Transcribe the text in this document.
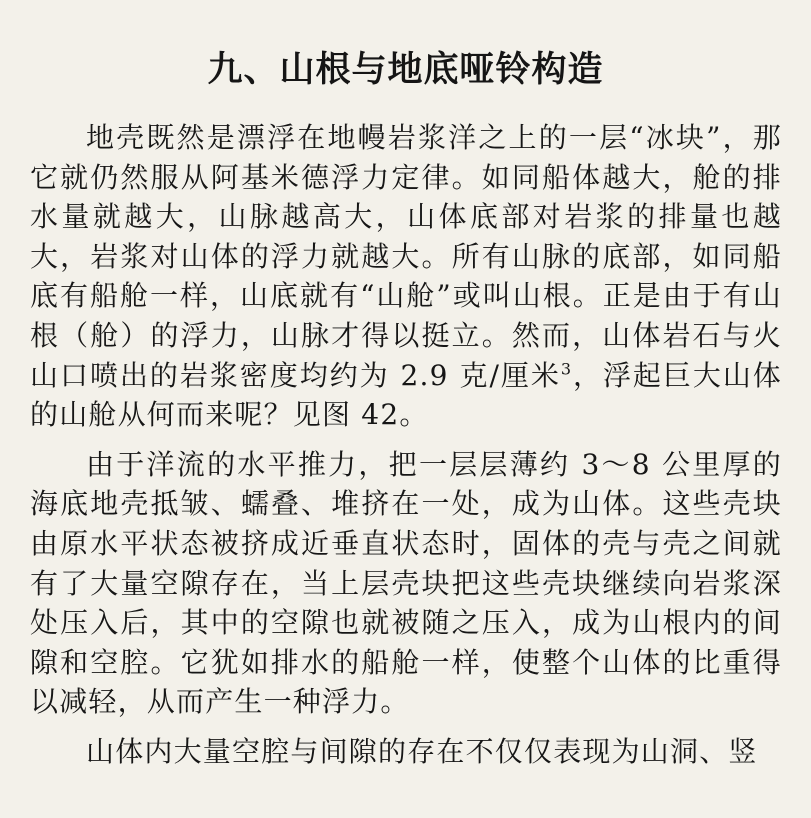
九、山根与地底哑铃构造

地壳既然是漂浮在地幔岩浆洋之上的一层“冰块”，那它就仍然服从阿基米德浮力定律。如同船体越大，舱的排水量就越大，山脉越高大，山体底部对岩浆的排量也越大，岩浆对山体的浮力就越大。所有山脉的底部，如同船底有船舱一样，山底就有“山舱”或叫山根。正是由于有山根（舱）的浮力，山脉才得以挺立。然而，山体岩石与火山口喷出的岩浆密度均约为 2.9 克/厘米$^3$，浮起巨大山体的山舱从何而来呢？见图 42。

由于洋流的水平推力，把一层层薄约 3～8 公里厚的海底地壳抵皱、蠕叠、堆挤在一处，成为山体。这些壳块由原水平状态被挤成近垂直状态时，固体的壳与壳之间就有了大量空隙存在，当上层壳块把这些壳块继续向岩浆深处压入后，其中的空隙也就被随之压入，成为山根内的间隙和空腔。它犹如排水的船舱一样，使整个山体的比重得以减轻，从而产生一种浮力。

山体内大量空腔与间隙的存在不仅仅表现为山洞、竖
